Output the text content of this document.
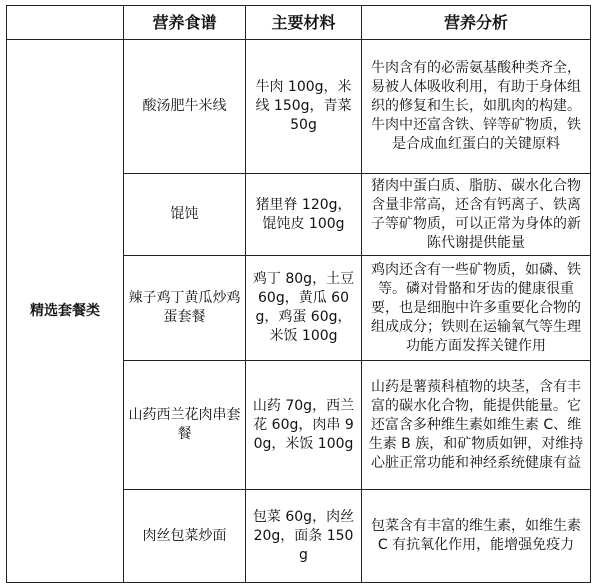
	营养食谱	主要材料	营养分析
精选套餐类	酸汤肥牛米线	牛肉 100g，米线 150g，青菜 50g	牛肉含有的必需氨基酸种类齐全，易被人体吸收利用，有助于身体组织的修复和生长，如肌肉的构建。牛肉中还富含铁、锌等矿物质，铁是合成血红蛋白的关键原料
	馄饨	猪里脊 120g，馄饨皮 100g	猪肉中蛋白质、脂肪、碳水化合物含量非常高，还含有钙离子、铁离子等矿物质，可以正常为身体的新陈代谢提供能量
	辣子鸡丁黄瓜炒鸡蛋套餐	鸡丁 80g，土豆 60g，黄瓜 60g，鸡蛋 60g，米饭 100g	鸡肉还含有一些矿物质，如磷、铁等。磷对骨骼和牙齿的健康很重要，也是细胞中许多重要化合物的组成成分；铁则在运输氧气等生理功能方面发挥关键作用
	山药西兰花肉串套餐	山药 70g，西兰花 60g，肉串 90g，米饭 100g	山药是薯蓣科植物的块茎，含有丰富的碳水化合物，能提供能量。它还富含多种维生素如维生素 C、维生素 B 族，和矿物质如钾，对维持心脏正常功能和神经系统健康有益
	肉丝包菜炒面	包菜 60g，肉丝 20g，面条 150g	包菜含有丰富的维生素，如维生素 C 有抗氧化作用，能增强免疫力
